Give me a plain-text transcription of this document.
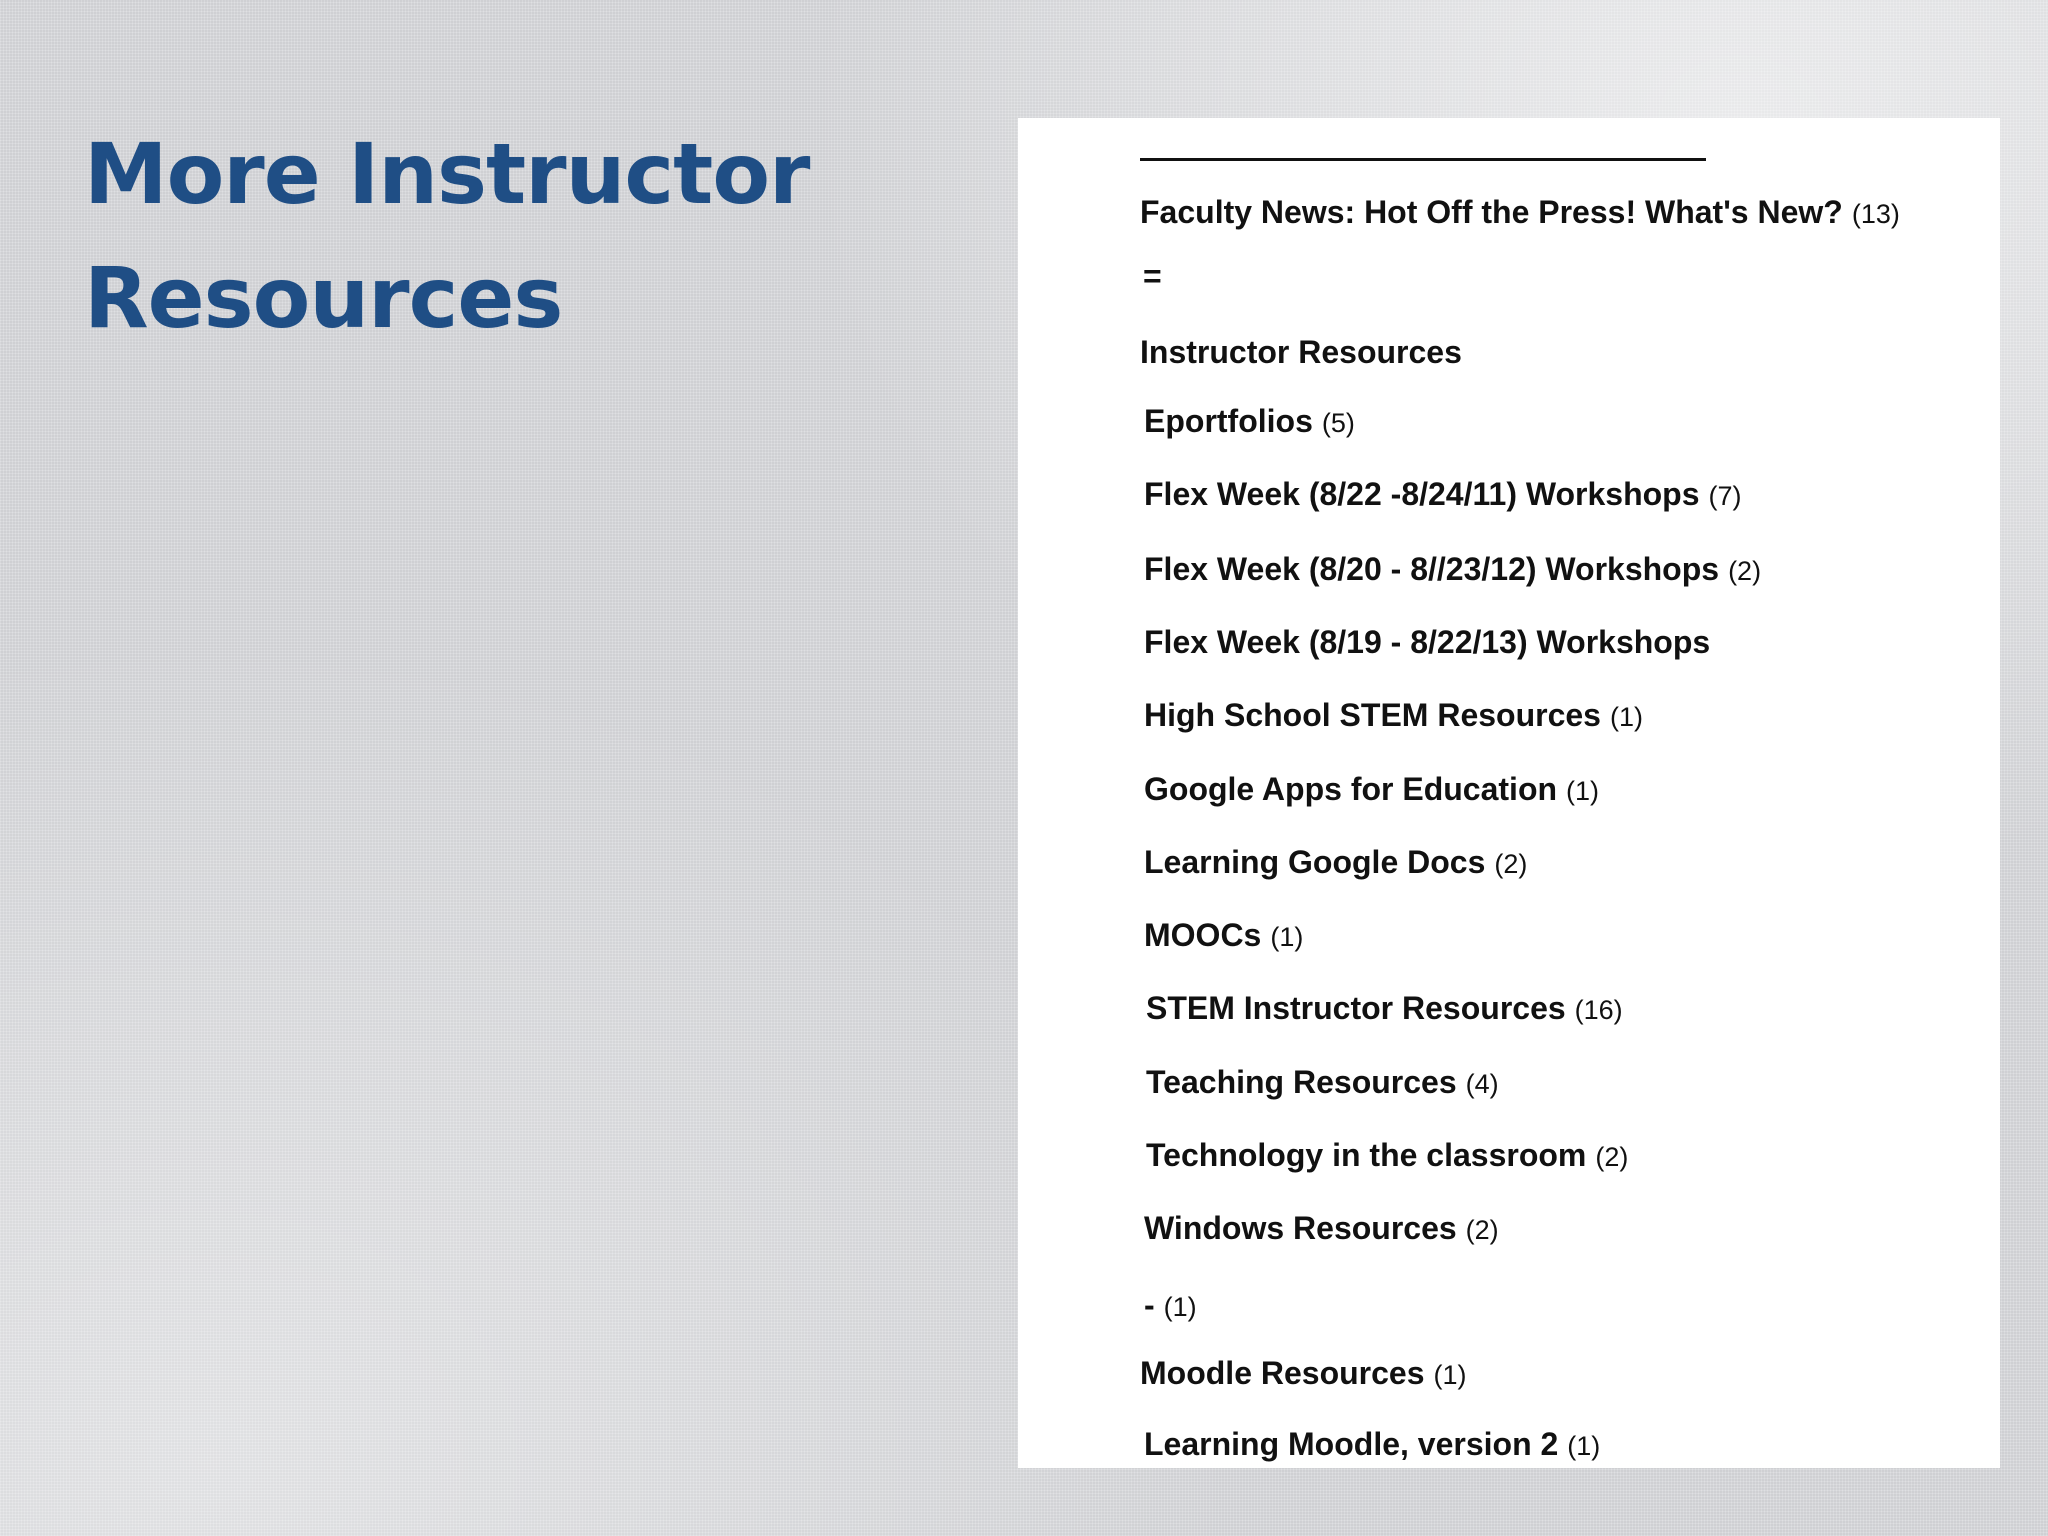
More Instructor
Resources
Faculty News: Hot Off the Press! What's New? (13)
=
Instructor Resources
Eportfolios (5)
Flex Week (8/22 -8/24/11) Workshops (7)
Flex Week (8/20 - 8//23/12) Workshops (2)
Flex Week (8/19 - 8/22/13) Workshops
High School STEM Resources (1)
Google Apps for Education (1)
Learning Google Docs (2)
MOOCs (1)
STEM Instructor Resources (16)
Teaching Resources (4)
Technology in the classroom (2)
Windows Resources (2)
- (1)
Moodle Resources (1)
Learning Moodle, version 2 (1)
